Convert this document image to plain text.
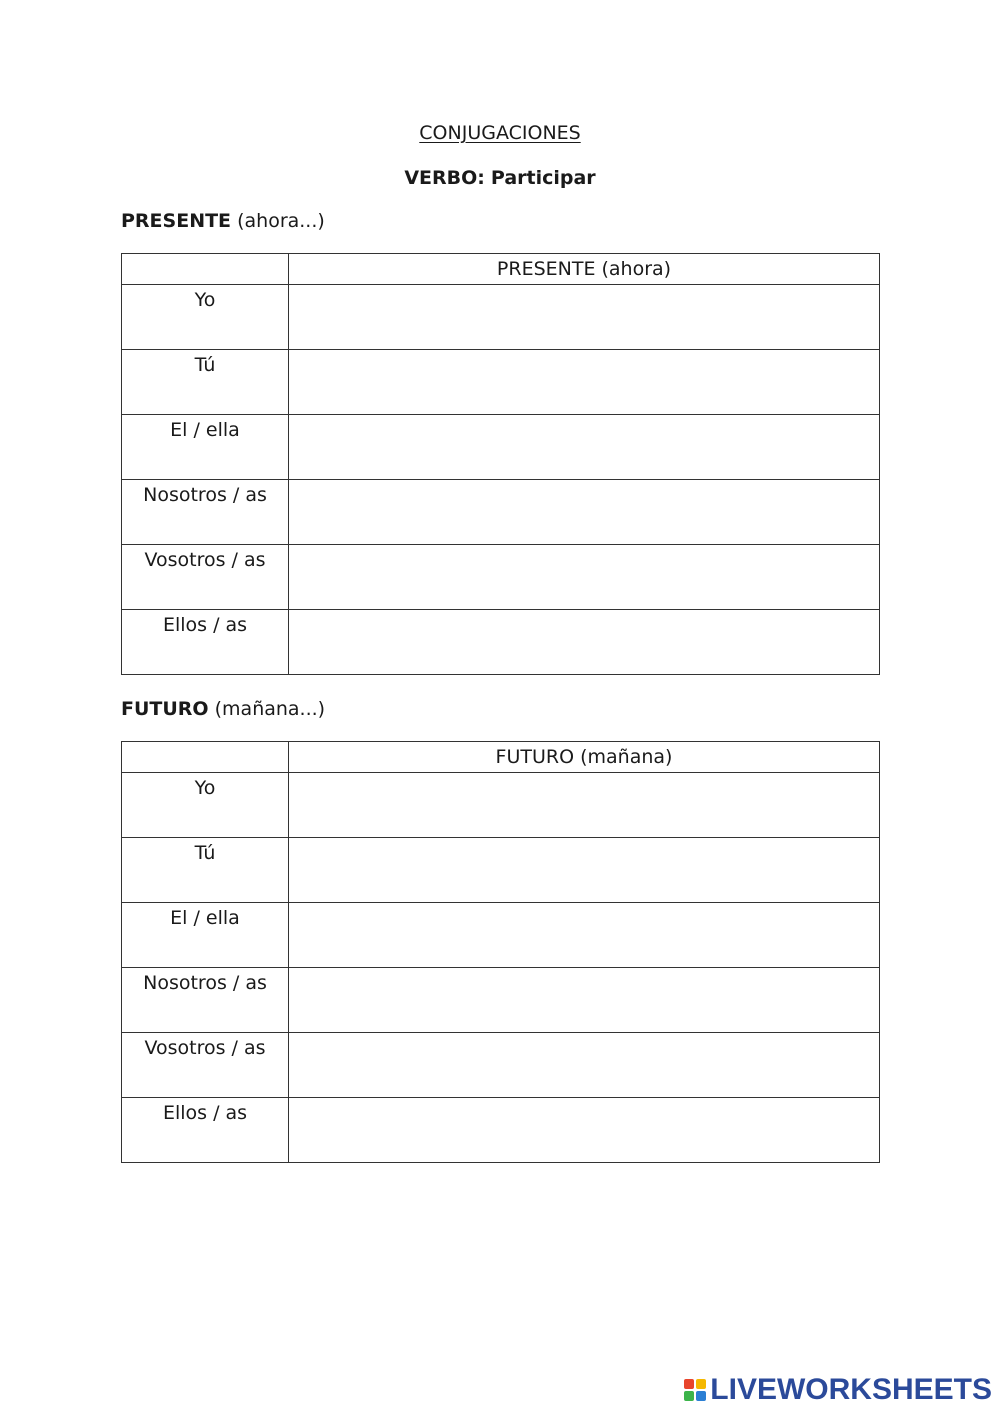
CONJUGACIONES
VERBO: Participar
PRESENTE (ahora...)
	PRESENTE (ahora)
Yo	
Tú	
El / ella	
Nosotros / as	
Vosotros / as	
Ellos / as	
FUTURO (mañana...)
	FUTURO (mañana)
Yo	
Tú	
El / ella	
Nosotros / as	
Vosotros / as	
Ellos / as	
LIVEWORKSHEETS
